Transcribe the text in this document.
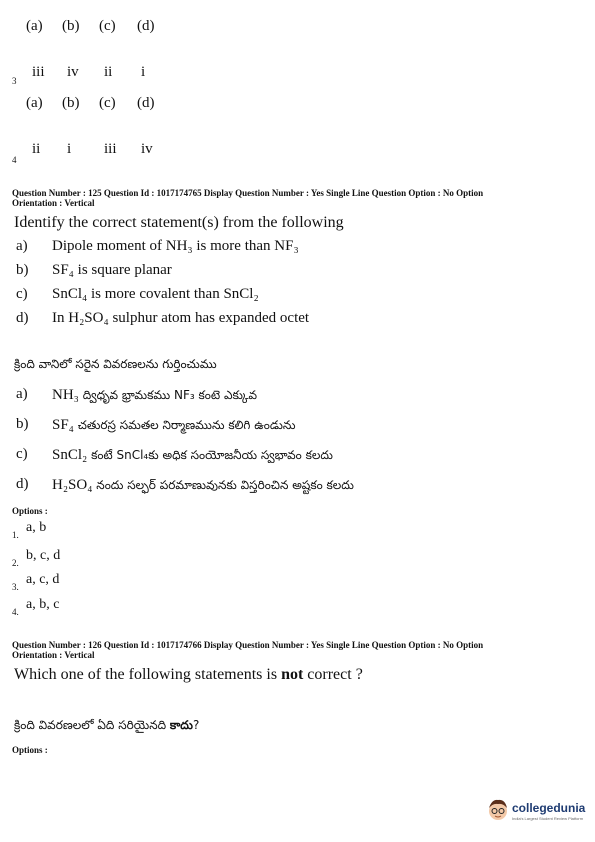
(a) (b) (c) (d)
3
iii iv ii i
(a) (b) (c) (d)
4
ii i iii iv
Question Number : 125 Question Id : 1017174765 Display Question Number : Yes Single Line Question Option : No Option
Orientation : Vertical
Identify the correct statement(s) from the following
a) Dipole moment of NH₃ is more than NF₃
b) SF₄ is square planar
c) SnCl₄ is more covalent than SnCl₂
d) In H₂SO₄ sulphur atom has expanded octet
క్రింది వానిలో సరైన వివరణలను గుర్తించుము
a) NH₃ ద్విధృవ భ్రామకము NF₃ కంటె ఎక్కువ
b) SF₄ చతురస్ర సమతల నిర్మాణమును కలిగి ఉండును
c) SnCl₂ కంటే SnCl₄కు అధిక సంయోజనీయ స్వభావం కలదు
d) H₂SO₄ నందు సల్ఫర్ పరమాణువునకు విస్తరించిన అష్టకం కలదు
Options :
1. a, b
2. b, c, d
3. a, c, d
4. a, b, c
Question Number : 126 Question Id : 1017174766 Display Question Number : Yes Single Line Question Option : No Option
Orientation : Vertical
Which one of the following statements is not correct ?
క్రింది వివరణలలో ఏది సరియైనది కాదు?
Options :
collegedunia
India's Largest Student Review Platform
